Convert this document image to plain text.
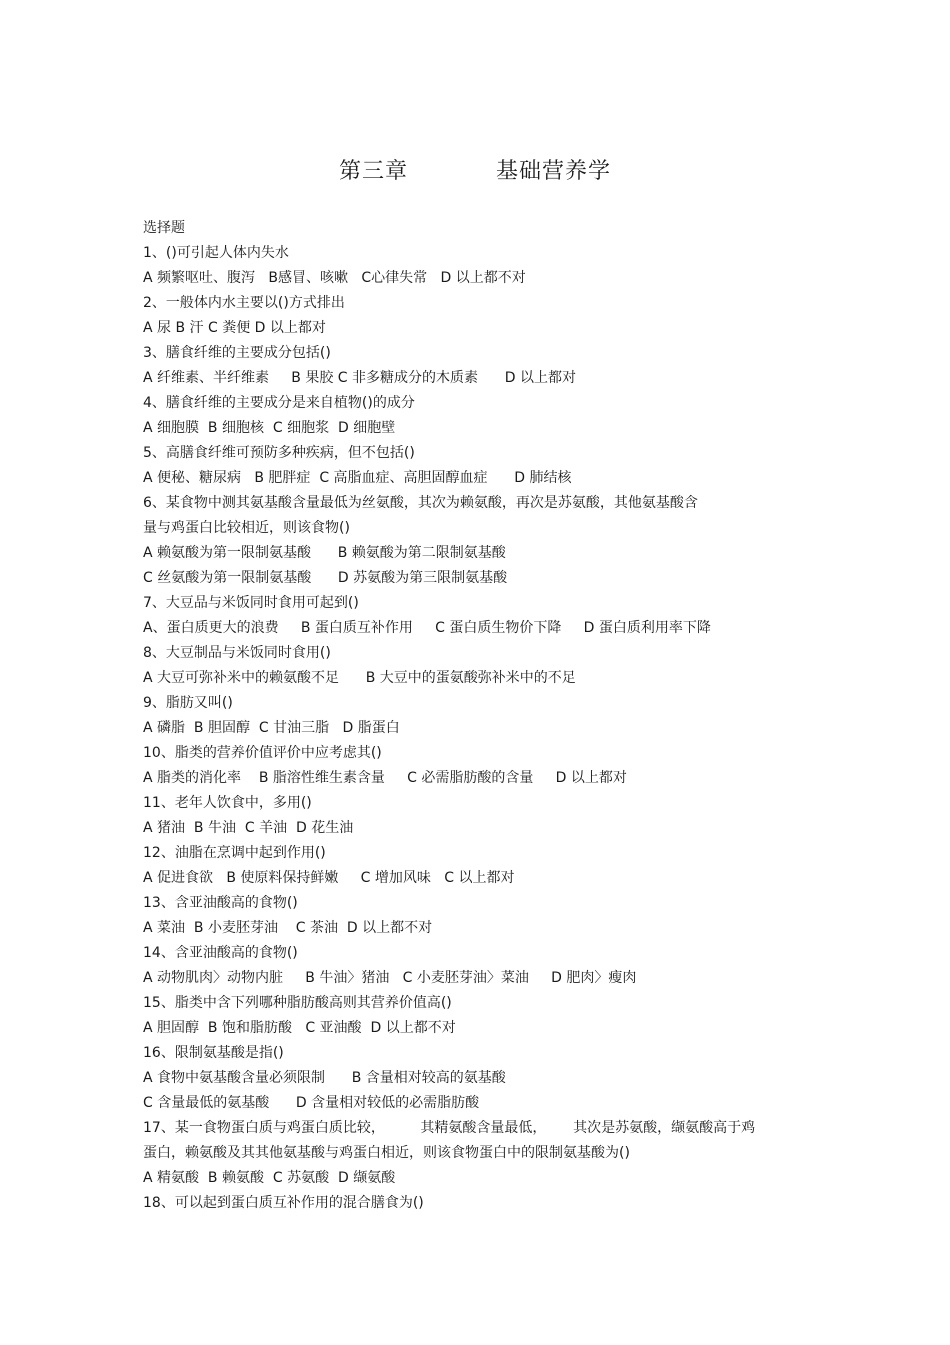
第三章	基础营养学
选择题
1、()可引起人体内失水
A 频繁呕吐、腹泻   B感冒、咳嗽   C心律失常   D 以上都不对
2、一般体内水主要以()方式排出
A 尿 B 汗 C 粪便 D 以上都对
3、膳食纤维的主要成分包括()
A 纤维素、半纤维素     B 果胶 C 非多糖成分的木质素      D 以上都对
4、膳食纤维的主要成分是来自植物()的成分
A 细胞膜  B 细胞核  C 细胞浆  D 细胞壁
5、高膳食纤维可预防多种疾病，但不包括()
A 便秘、糖尿病   B 肥胖症  C 高脂血症、高胆固醇血症      D 肺结核
6、某食物中测其氨基酸含量最低为丝氨酸，其次为赖氨酸，再次是苏氨酸，其他氨基酸含
量与鸡蛋白比较相近，则该食物()
A 赖氨酸为第一限制氨基酸      B 赖氨酸为第二限制氨基酸
C 丝氨酸为第一限制氨基酸      D 苏氨酸为第三限制氨基酸
7、大豆品与米饭同时食用可起到()
A、蛋白质更大的浪费     B 蛋白质互补作用     C 蛋白质生物价下降     D 蛋白质利用率下降
8、大豆制品与米饭同时食用()
A 大豆可弥补米中的赖氨酸不足      B 大豆中的蛋氨酸弥补米中的不足
9、脂肪又叫()
A 磷脂  B 胆固醇  C 甘油三脂   D 脂蛋白
10、脂类的营养价值评价中应考虑其()
A 脂类的消化率    B 脂溶性维生素含量     C 必需脂肪酸的含量     D 以上都对
11、老年人饮食中，多用()
A 猪油  B 牛油  C 羊油  D 花生油
12、油脂在烹调中起到作用()
A 促进食欲   B 使原料保持鲜嫩     C 增加风味   C 以上都对
13、含亚油酸高的食物()
A 菜油  B 小麦胚芽油    C 茶油  D 以上都不对
14、含亚油酸高的食物()
A 动物肌肉〉动物内脏     B 牛油〉猪油   C 小麦胚芽油〉菜油     D 肥肉〉瘦肉
15、脂类中含下列哪种脂肪酸高则其营养价值高()
A 胆固醇  B 饱和脂肪酸   C 亚油酸  D 以上都不对
16、限制氨基酸是指()
A 食物中氨基酸含量必须限制      B 含量相对较高的氨基酸
C 含量最低的氨基酸      D 含量相对较低的必需脂肪酸
17、某一食物蛋白质与鸡蛋白质比较，        其精氨酸含量最低，      其次是苏氨酸，缬氨酸高于鸡
蛋白，赖氨酸及其其他氨基酸与鸡蛋白相近，则该食物蛋白中的限制氨基酸为()
A 精氨酸  B 赖氨酸  C 苏氨酸  D 缬氨酸
18、可以起到蛋白质互补作用的混合膳食为()
